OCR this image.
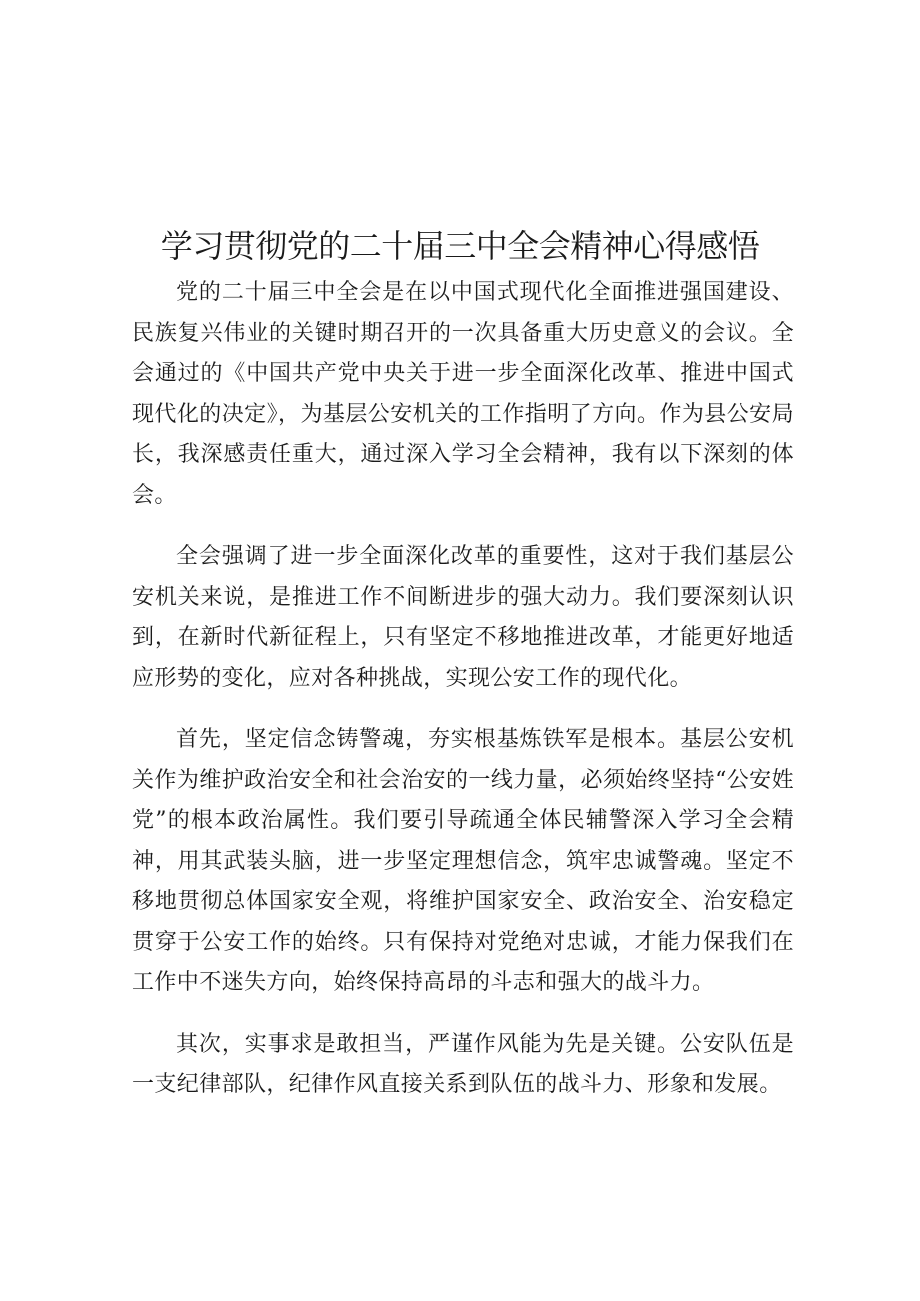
学习贯彻党的二十届三中全会精神心得感悟

党的二十届三中全会是在以中国式现代化全面推进强国建设、民族复兴伟业的关键时期召开的一次具备重大历史意义的会议。全会通过的《中国共产党中央关于进一步全面深化改革、推进中国式现代化的决定》，为基层公安机关的工作指明了方向。作为县公安局长，我深感责任重大，通过深入学习全会精神，我有以下深刻的体会。

全会强调了进一步全面深化改革的重要性，这对于我们基层公安机关来说，是推进工作不间断进步的强大动力。我们要深刻认识到，在新时代新征程上，只有坚定不移地推进改革，才能更好地适应形势的变化，应对各种挑战，实现公安工作的现代化。

首先，坚定信念铸警魂，夯实根基炼铁军是根本。基层公安机关作为维护政治安全和社会治安的一线力量，必须始终坚持“公安姓党”的根本政治属性。我们要引导疏通全体民辅警深入学习全会精神，用其武装头脑，进一步坚定理想信念，筑牢忠诚警魂。坚定不移地贯彻总体国家安全观，将维护国家安全、政治安全、治安稳定贯穿于公安工作的始终。只有保持对党绝对忠诚，才能力保我们在工作中不迷失方向，始终保持高昂的斗志和强大的战斗力。

其次，实事求是敢担当，严谨作风能为先是关键。公安队伍是一支纪律部队，纪律作风直接关系到队伍的战斗力、形象和发展。
